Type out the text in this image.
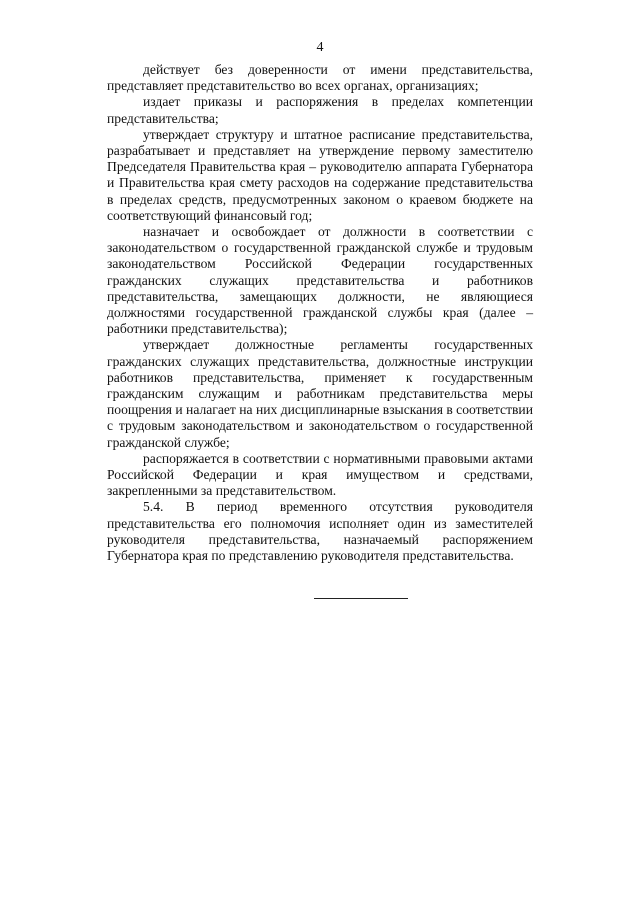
4

действует без доверенности от имени представительства, представляет представительство во всех органах, организациях;

издает приказы и распоряжения в пределах компетенции представительства;

утверждает структуру и штатное расписание представительства, разрабатывает и представляет на утверждение первому заместителю Председателя Правительства края – руководителю аппарата Губернатора и Правительства края смету расходов на содержание представительства в пределах средств, предусмотренных законом о краевом бюджете на соответствующий финансовый год;

назначает и освобождает от должности в соответствии с законодательством о государственной гражданской службе и трудовым законодательством Российской Федерации государственных гражданских служащих представительства и работников представительства, замещающих должности, не являющиеся должностями государственной гражданской службы края (далее – работники представительства);

утверждает должностные регламенты государственных гражданских служащих представительства, должностные инструкции работников представительства, применяет к государственным гражданским служащим и работникам представительства меры поощрения и налагает на них дисциплинарные взыскания в соответствии с трудовым законодательством и законодательством о государственной гражданской службе;

распоряжается в соответствии с нормативными правовыми актами Российской Федерации и края имуществом и средствами, закрепленными за представительством.

5.4. В период временного отсутствия руководителя представительства его полномочия исполняет один из заместителей руководителя представительства, назначаемый распоряжением Губернатора края по представлению руководителя представительства.
